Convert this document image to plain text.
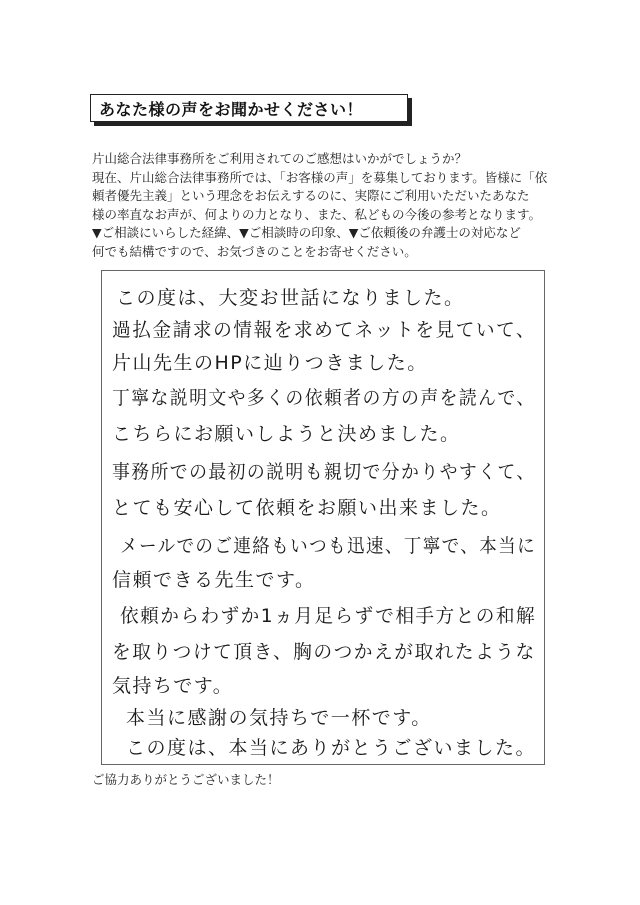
あなた様の声をお聞かせください！
片山総合法律事務所をご利用されてのご感想はいかがでしょうか？
現在、片山総合法律事務所では、「お客様の声」を募集しております。皆様に「依
頼者優先主義」という理念をお伝えするのに、実際にご利用いただいたあなた
様の率直なお声が、何よりの力となり、また、私どもの今後の参考となります。
▼ご相談にいらした経緯、▼ご相談時の印象、▼ご依頼後の弁護士の対応など
何でも結構ですので、お気づきのことをお寄せください。
この度は、大変お世話になりました。
過払金請求の情報を求めてネットを見ていて、
片山先生のHPに辿りつきました。
丁寧な説明文や多くの依頼者の方の声を読んで、
こちらにお願いしようと決めました。
事務所での最初の説明も親切で分かりやすくて、
とても安心して依頼をお願い出来ました。
メールでのご連絡もいつも迅速、丁寧で、本当に
信頼できる先生です。
依頼からわずか1ヵ月足らずで相手方との和解
を取りつけて頂き、胸のつかえが取れたような
気持ちです。
本当に感謝の気持ちで一杯です。
この度は、本当にありがとうございました。
ご協力ありがとうございました！
